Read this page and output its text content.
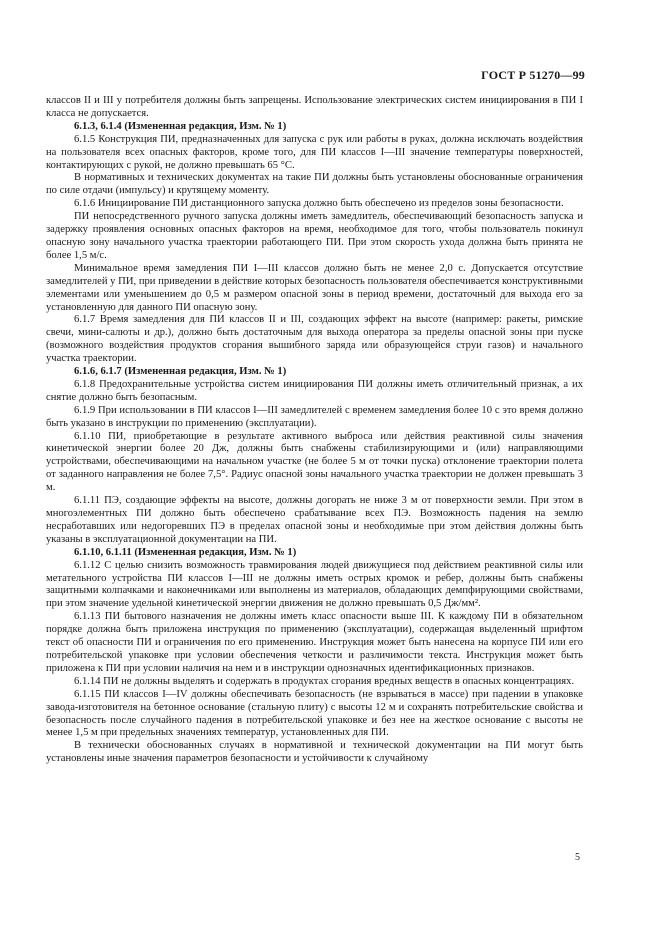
ГОСТ Р 51270—99

классов II и III у потребителя должны быть запрещены. Использование электрических систем инициирования в ПИ I класса не допускается.

6.1.3, 6.1.4 (Измененная редакция, Изм. № 1)

6.1.5 Конструкция ПИ, предназначенных для запуска с рук или работы в руках, должна исключать воздействия на пользователя всех опасных факторов, кроме того, для ПИ классов I—III значение температуры поверхностей, контактирующих с рукой, не должно превышать 65 °С.

В нормативных и технических документах на такие ПИ должны быть установлены обоснованные ограничения по силе отдачи (импульсу) и крутящему моменту.

6.1.6 Инициирование ПИ дистанционного запуска должно быть обеспечено из пределов зоны безопасности.

ПИ непосредственного ручного запуска должны иметь замедлитель, обеспечивающий безопасность запуска и задержку проявления основных опасных факторов на время, необходимое для того, чтобы пользователь покинул опасную зону начального участка траектории работающего ПИ. При этом скорость ухода должна быть принята не более 1,5 м/с.

Минимальное время замедления ПИ I—III классов должно быть не менее 2,0 с. Допускается отсутствие замедлителей у ПИ, при приведении в действие которых безопасность пользователя обеспечивается конструктивными элементами или уменьшением до 0,5 м размером опасной зоны в период времени, достаточный для выхода его за установленную для данного ПИ опасную зону.

6.1.7 Время замедления для ПИ классов II и III, создающих эффект на высоте (например: ракеты, римские свечи, мини-салюты и др.), должно быть достаточным для выхода оператора за пределы опасной зоны при пуске (возможного воздействия продуктов сгорания вышибного заряда или образующейся струи газов) и начального участка траектории.

6.1.6, 6.1.7 (Измененная редакция, Изм. № 1)

6.1.8 Предохранительные устройства систем инициирования ПИ должны иметь отличительный признак, а их снятие должно быть безопасным.

6.1.9 При использовании в ПИ классов I—III замедлителей с временем замедления более 10 с это время должно быть указано в инструкции по применению (эксплуатации).

6.1.10 ПИ, приобретающие в результате активного выброса или действия реактивной силы значения кинетической энергии более 20 Дж, должны быть снабжены стабилизирующими и (или) направляющими устройствами, обеспечивающими на начальном участке (не более 5 м от точки пуска) отклонение траектории полета от заданного направления не более 7,5°. Радиус опасной зоны начального участка траектории не должен превышать 3 м.

6.1.11 ПЭ, создающие эффекты на высоте, должны догорать не ниже 3 м от поверхности земли. При этом в многоэлементных ПИ должно быть обеспечено срабатывание всех ПЭ. Возможность падения на землю несработавших или недогоревших ПЭ в пределах опасной зоны и необходимые при этом действия должны быть указаны в эксплуатационной документации на ПИ.

6.1.10, 6.1.11 (Измененная редакция, Изм. № 1)

6.1.12 С целью снизить возможность травмирования людей движущиеся под действием реактивной силы или метательного устройства ПИ классов I—III не должны иметь острых кромок и ребер, должны быть снабжены защитными колпачками и наконечниками или выполнены из материалов, обладающих демпфирующими свойствами, при этом значение удельной кинетической энергии движения не должно превышать 0,5 Дж/мм².

6.1.13 ПИ бытового назначения не должны иметь класс опасности выше III. К каждому ПИ в обязательном порядке должна быть приложена инструкция по применению (эксплуатации), содержащая выделенный шрифтом текст об опасности ПИ и ограничения по его применению. Инструкция может быть нанесена на корпусе ПИ или его потребительской упаковке при условии обеспечения четкости и различимости текста. Инструкция может быть приложена к ПИ при условии наличия на нем и в инструкции однозначных идентификационных признаков.

6.1.14 ПИ не должны выделять и содержать в продуктах сгорания вредных веществ в опасных концентрациях.

6.1.15 ПИ классов I—IV должны обеспечивать безопасность (не взрываться в массе) при падении в упаковке завода-изготовителя на бетонное основание (стальную плиту) с высоты 12 м и сохранять потребительские свойства и безопасность после случайного падения в потребительской упаковке и без нее на жесткое основание с высоты не менее 1,5 м при предельных значениях температур, установленных для ПИ.

В технически обоснованных случаях в нормативной и технической документации на ПИ могут быть установлены иные значения параметров безопасности и устойчивости к случайному

5
